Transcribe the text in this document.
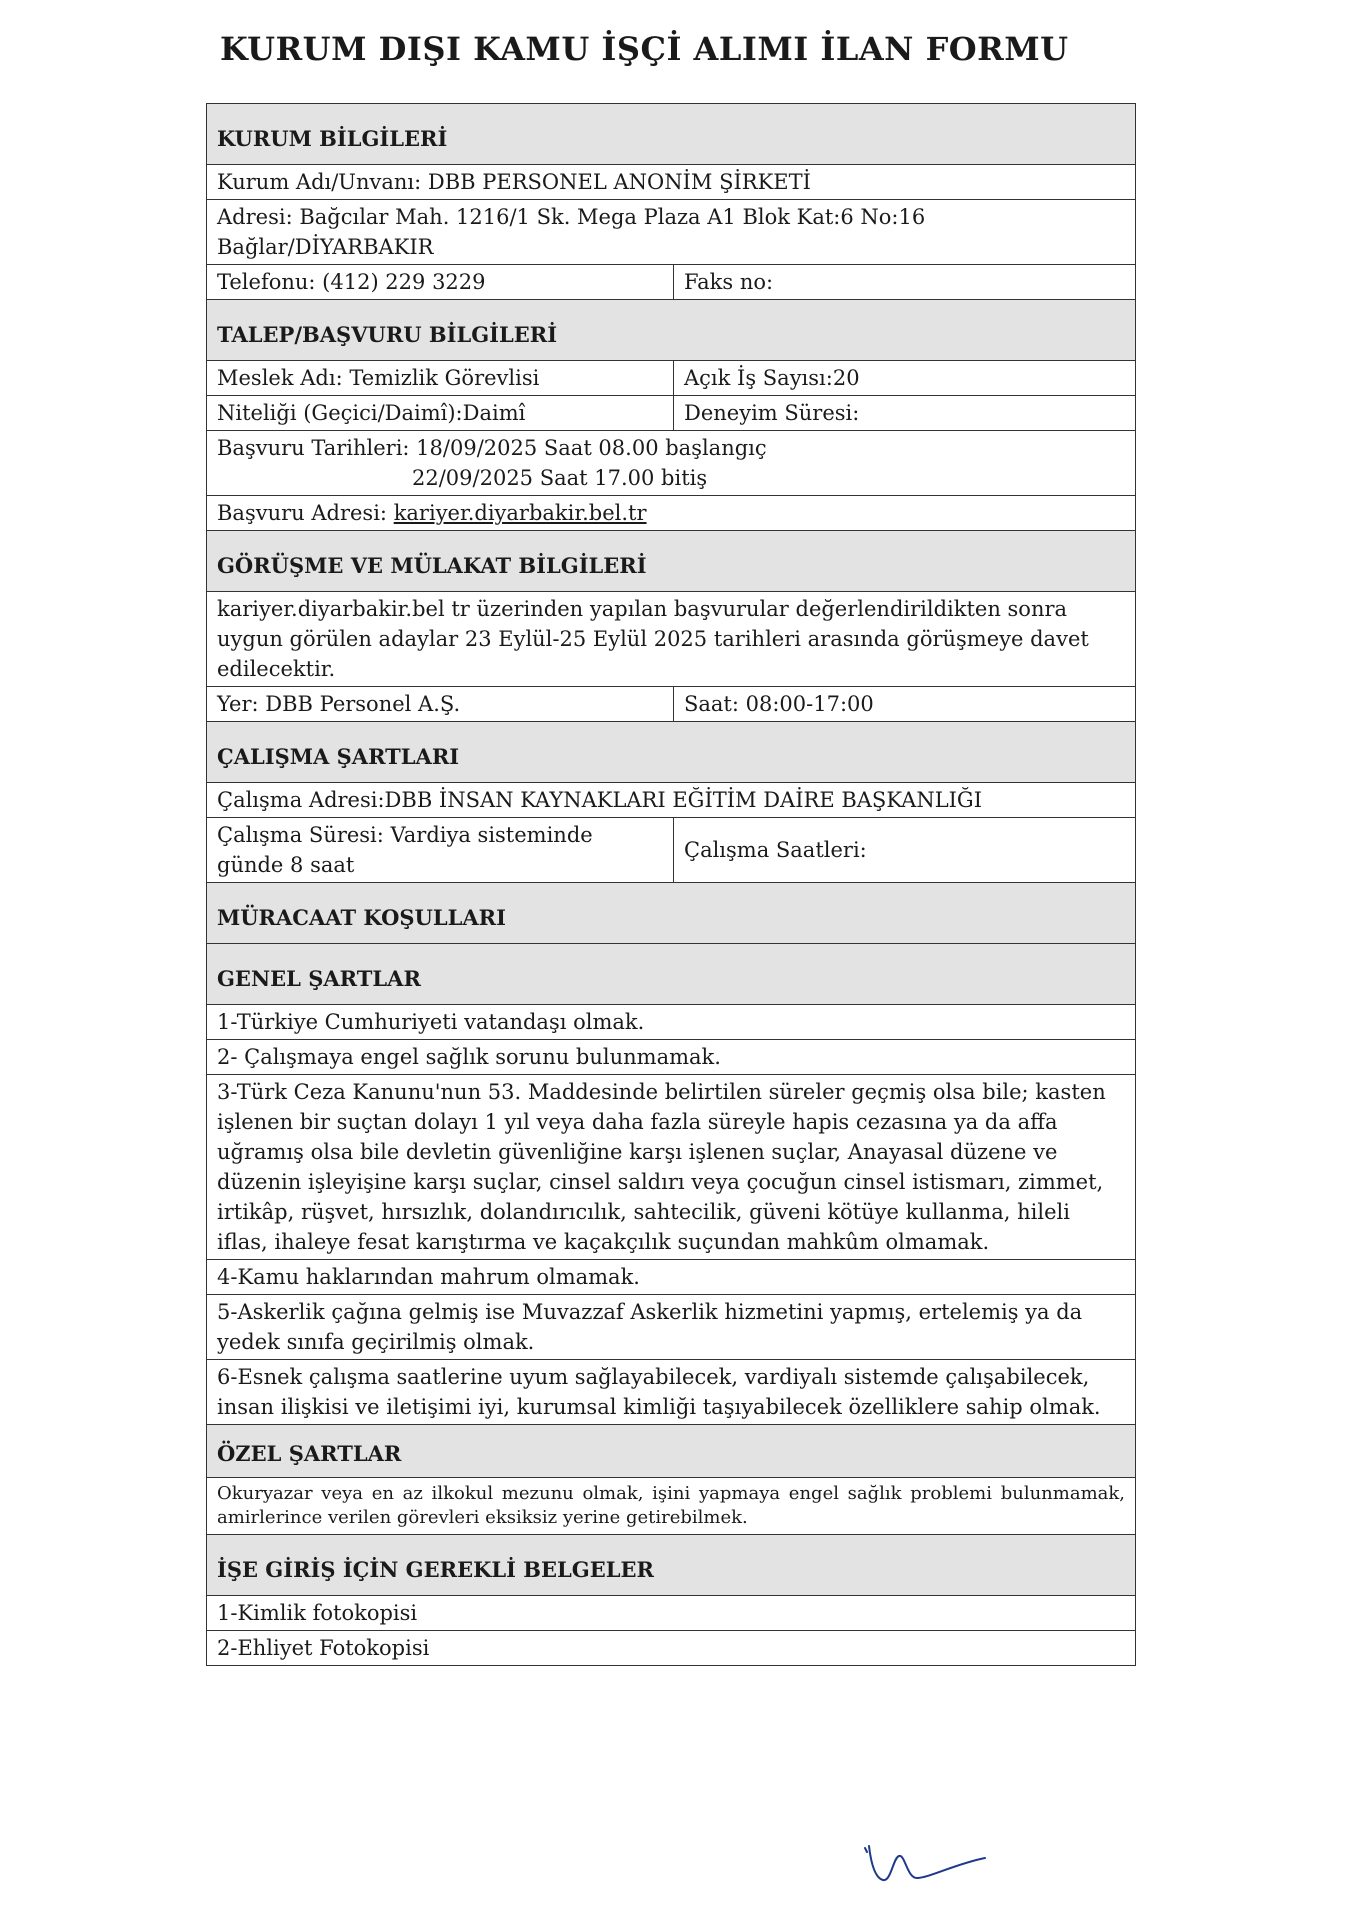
KURUM DIŞI KAMU İŞÇİ ALIMI İLAN FORMU
KURUM BİLGİLERİ
Kurum Adı/Unvanı: DBB PERSONEL ANONİM ŞİRKETİ
Adresi: Bağcılar Mah. 1216/1 Sk. Mega Plaza A1 Blok Kat:6 No:16 Bağlar/DİYARBAKIR
Telefonu: (412) 229 3229	Faks no:
TALEP/BAŞVURU BİLGİLERİ
Meslek Adı: Temizlik Görevlisi	Açık İş Sayısı:20
Niteliği (Geçici/Daimî):Daimî	Deneyim Süresi:
Başvuru Tarihleri: 18/09/2025 Saat 08.00 başlangıç
22/09/2025 Saat 17.00 bitiş
Başvuru Adresi: kariyer.diyarbakir.bel.tr
GÖRÜŞME VE MÜLAKAT BİLGİLERİ
kariyer.diyarbakir.bel tr üzerinden yapılan başvurular değerlendirildikten sonra uygun görülen adaylar 23 Eylül-25 Eylül 2025 tarihleri arasında görüşmeye davet edilecektir.
Yer: DBB Personel A.Ş.	Saat: 08:00-17:00
ÇALIŞMA ŞARTLARI
Çalışma Adresi:DBB İNSAN KAYNAKLARI EĞİTİM DAİRE BAŞKANLIĞI
Çalışma Süresi: Vardiya sisteminde günde 8 saat
Çalışma Saatleri:
MÜRACAAT KOŞULLARI
GENEL ŞARTLAR
1-Türkiye Cumhuriyeti vatandaşı olmak.
2- Çalışmaya engel sağlık sorunu bulunmamak.
3-Türk Ceza Kanunu'nun 53. Maddesinde belirtilen süreler geçmiş olsa bile; kasten işlenen bir suçtan dolayı 1 yıl veya daha fazla süreyle hapis cezasına ya da affa uğramış olsa bile devletin güvenliğine karşı işlenen suçlar, Anayasal düzene ve düzenin işleyişine karşı suçlar, cinsel saldırı veya çocuğun cinsel istismarı, zimmet, irtikâp, rüşvet, hırsızlık, dolandırıcılık, sahtecilik, güveni kötüye kullanma, hileli iflas, ihaleye fesat karıştırma ve kaçakçılık suçundan mahkûm olmamak.
4-Kamu haklarından mahrum olmamak.
5-Askerlik çağına gelmiş ise Muvazzaf Askerlik hizmetini yapmış, ertelemiş ya da yedek sınıfa geçirilmiş olmak.
6-Esnek çalışma saatlerine uyum sağlayabilecek, vardiyalı sistemde çalışabilecek, insan ilişkisi ve iletişimi iyi, kurumsal kimliği taşıyabilecek özelliklere sahip olmak.
ÖZEL ŞARTLAR
Okuryazar veya en az ilkokul mezunu olmak, işini yapmaya engel sağlık problemi bulunmamak, amirlerince verilen görevleri eksiksiz yerine getirebilmek.
İŞE GİRİŞ İÇİN GEREKLİ BELGELER
1-Kimlik fotokopisi
2-Ehliyet Fotokopisi
